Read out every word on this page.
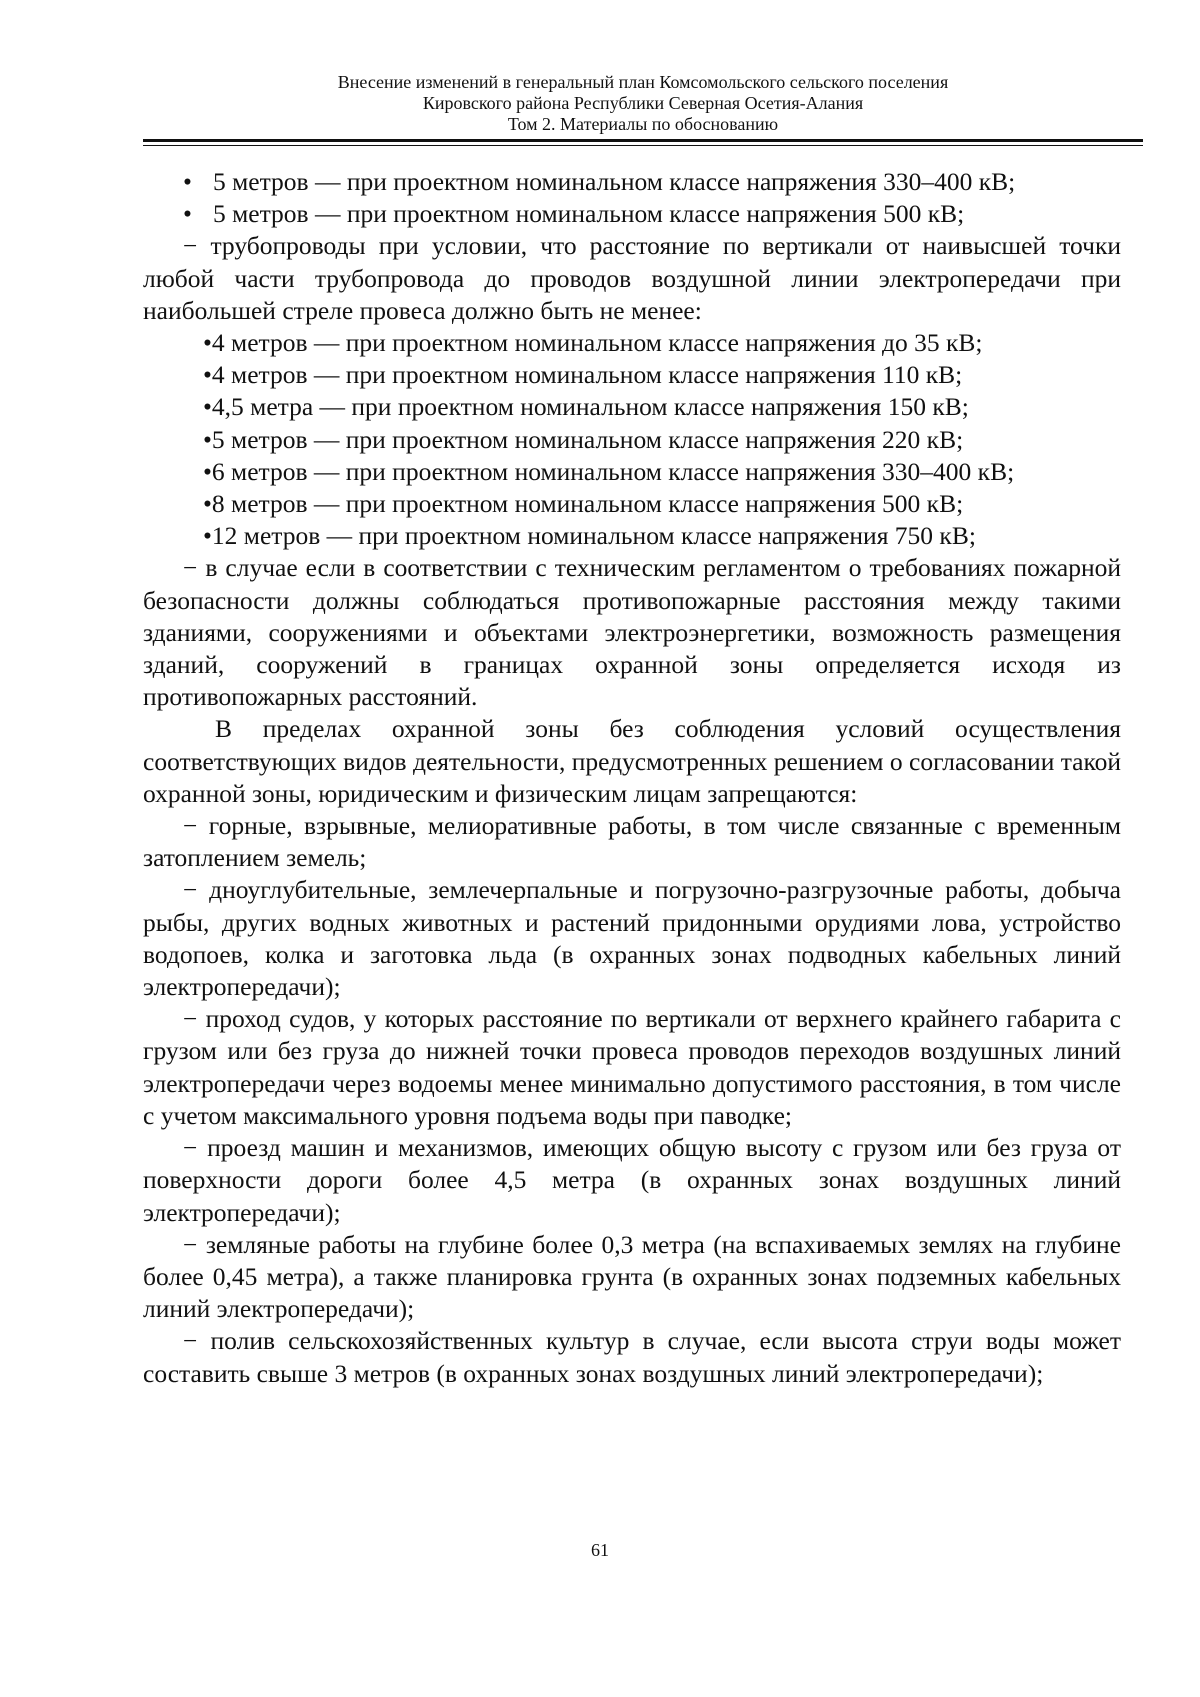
Внесение изменений в генеральный план Комсомольского сельского поселения
Кировского района Республики Северная Осетия-Алания
Том 2. Материалы по обоснованию

• 5 метров — при проектном номинальном классе напряжения 330–400 кВ;

• 5 метров — при проектном номинальном классе напряжения 500 кВ;

− трубопроводы при условии, что расстояние по вертикали от наивысшей точки любой части трубопровода до проводов воздушной линии электропередачи при наибольшей стреле провеса должно быть не менее:

•4 метров — при проектном номинальном классе напряжения до 35 кВ;

•4 метров — при проектном номинальном классе напряжения 110 кВ;

•4,5 метра — при проектном номинальном классе напряжения 150 кВ;

•5 метров — при проектном номинальном классе напряжения 220 кВ;

•6 метров — при проектном номинальном классе напряжения 330–400 кВ;

•8 метров — при проектном номинальном классе напряжения 500 кВ;

•12 метров — при проектном номинальном классе напряжения 750 кВ;

− в случае если в соответствии с техническим регламентом о требованиях пожарной безопасности должны соблюдаться противопожарные расстояния между такими зданиями, сооружениями и объектами электроэнергетики, возможность размещения зданий, сооружений в границах охранной зоны определяется исходя из противопожарных расстояний.

В пределах охранной зоны без соблюдения условий осуществления соответствующих видов деятельности, предусмотренных решением о согласовании такой охранной зоны, юридическим и физическим лицам запрещаются:

− горные, взрывные, мелиоративные работы, в том числе связанные с временным затоплением земель;

− дноуглубительные, землечерпальные и погрузочно-разгрузочные работы, добыча рыбы, других водных животных и растений придонными орудиями лова, устройство водопоев, колка и заготовка льда (в охранных зонах подводных кабельных линий электропередачи);

− проход судов, у которых расстояние по вертикали от верхнего крайнего габарита с грузом или без груза до нижней точки провеса проводов переходов воздушных линий электропередачи через водоемы менее минимально допустимого расстояния, в том числе с учетом максимального уровня подъема воды при паводке;

− проезд машин и механизмов, имеющих общую высоту с грузом или без груза от поверхности дороги более 4,5 метра (в охранных зонах воздушных линий электропередачи);

− земляные работы на глубине более 0,3 метра (на вспахиваемых землях на глубине более 0,45 метра), а также планировка грунта (в охранных зонах подземных кабельных линий электропередачи);

− полив сельскохозяйственных культур в случае, если высота струи воды может составить свыше 3 метров (в охранных зонах воздушных линий электропередачи);

61
